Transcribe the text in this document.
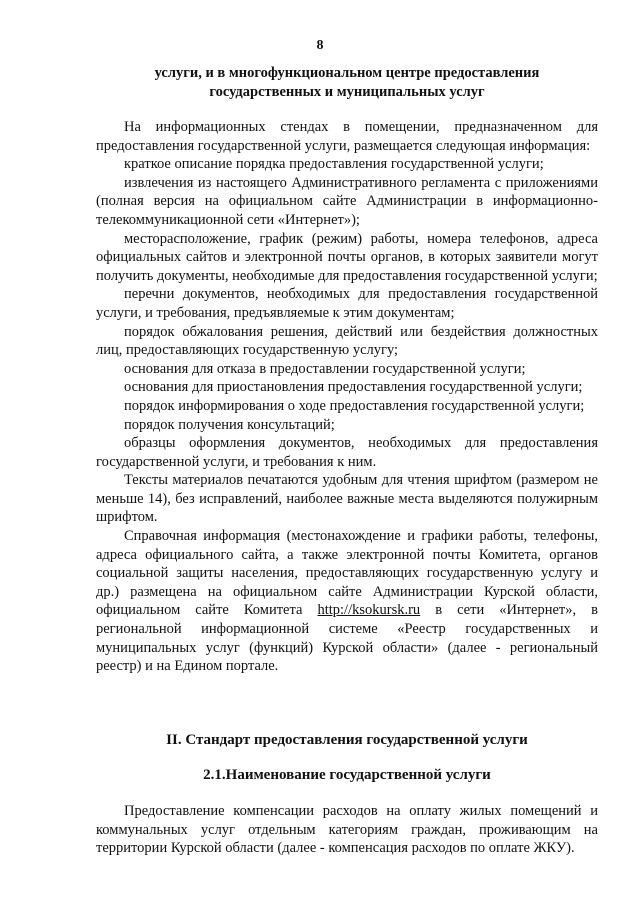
8
услуги, и в многофункциональном центре предоставления
государственных и муниципальных услуг

На информационных стендах в помещении, предназначенном для предоставления государственной услуги, размещается следующая информация:

краткое описание порядка предоставления государственной услуги;

извлечения из настоящего Административного регламента с приложениями (полная версия на официальном сайте Администрации в информационно-телекоммуникационной сети «Интернет»);

месторасположение, график (режим) работы, номера телефонов, адреса официальных сайтов и электронной почты органов, в которых заявители могут получить документы, необходимые для предоставления государственной услуги;

перечни документов, необходимых для предоставления государственной услуги, и требования, предъявляемые к этим документам;

порядок обжалования решения, действий или бездействия должностных лиц, предоставляющих государственную услугу;

основания для отказа в предоставлении государственной услуги;

основания для приостановления предоставления государственной услуги;

порядок информирования о ходе предоставления государственной услуги;

порядок получения консультаций;

образцы оформления документов, необходимых для предоставления государственной услуги, и требования к ним.

Тексты материалов печатаются удобным для чтения шрифтом (размером не меньше 14), без исправлений, наиболее важные места выделяются полужирным шрифтом.

Справочная информация (местонахождение и графики работы, телефоны, адреса официального сайта, а также электронной почты Комитета, органов социальной защиты населения, предоставляющих государственную услугу и др.) размещена на официальном сайте Администрации Курской области, официальном сайте Комитета http://ksokursk.ru в сети «Интернет», в региональной информационной системе «Реестр государственных и муниципальных услуг (функций) Курской области» (далее - региональный реестр) и на Едином портале.

II. Стандарт предоставления государственной услуги
2.1.Наименование государственной услуги

Предоставление компенсации расходов на оплату жилых помещений и коммунальных услуг отдельным категориям граждан, проживающим на территории Курской области (далее - компенсация расходов по оплате ЖКУ).
